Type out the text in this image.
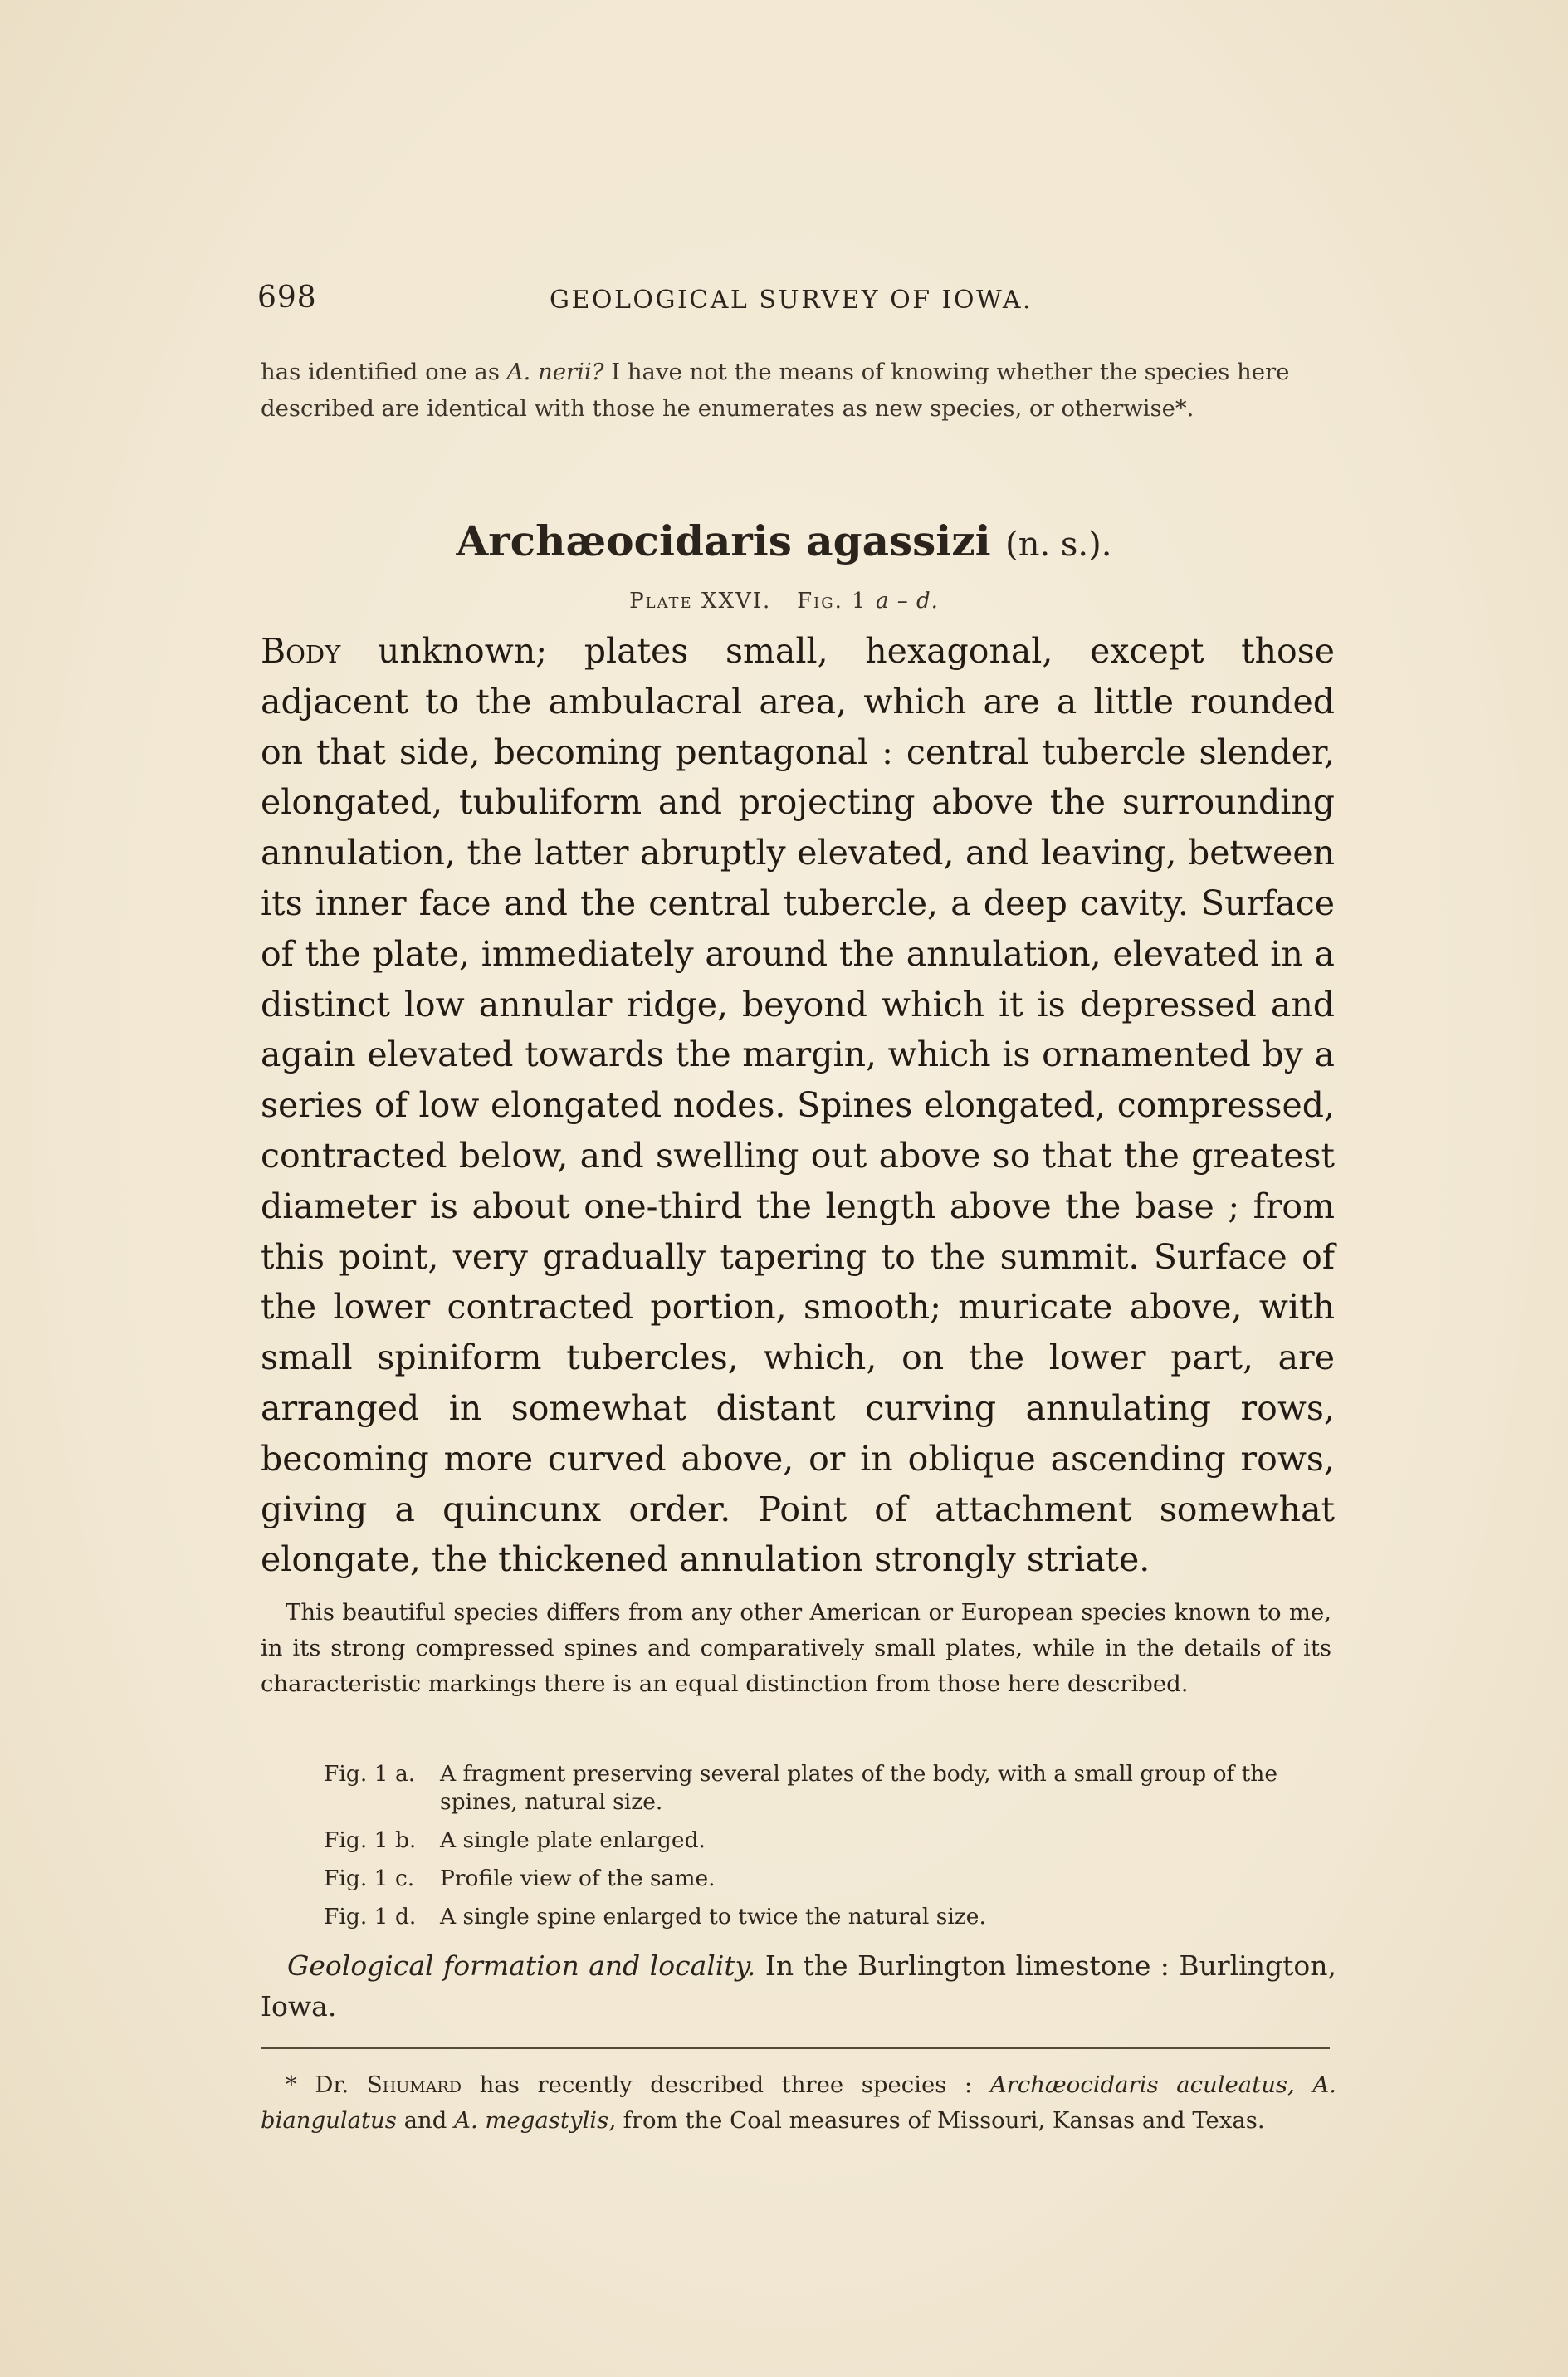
698	GEOLOGICAL SURVEY OF IOWA.

has identified one as A. nerii? I have not the means of knowing whether the species here described are identical with those he enumerates as new species, or otherwise*.

Archæocidaris agassizi (n. s.).
Plate XXVI. Fig. 1 a – d.

Body unknown; plates small, hexagonal, except those adjacent to the ambulacral area, which are a little rounded on that side, becoming pentagonal : central tubercle slender, elongated, tubuliform and projecting above the surrounding annulation, the latter abruptly elevated, and leaving, between its inner face and the central tubercle, a deep cavity. Surface of the plate, immediately around the annulation, elevated in a distinct low annular ridge, beyond which it is depressed and again elevated towards the margin, which is ornamented by a series of low elongated nodes. Spines elongated, compressed, contracted below, and swelling out above so that the greatest diameter is about one-third the length above the base ; from this point, very gradually tapering to the summit. Surface of the lower contracted portion, smooth; muricate above, with small spiniform tubercles, which, on the lower part, are arranged in somewhat distant curving annulating rows, becoming more curved above, or in oblique ascending rows, giving a quincunx order. Point of attachment somewhat elongate, the thickened annulation strongly striate.

This beautiful species differs from any other American or European species known to me, in its strong compressed spines and comparatively small plates, while in the details of its characteristic markings there is an equal distinction from those here described.

Fig. 1 a.	A fragment preserving several plates of the body, with a small group of the spines, natural size.
Fig. 1 b.	A single plate enlarged.
Fig. 1 c.	Profile view of the same.
Fig. 1 d.	A single spine enlarged to twice the natural size.

Geological formation and locality. In the Burlington limestone : Burlington, Iowa.

* Dr. Shumard has recently described three species : Archæocidaris aculeatus, A. biangulatus and A. megastylis, from the Coal measures of Missouri, Kansas and Texas.
